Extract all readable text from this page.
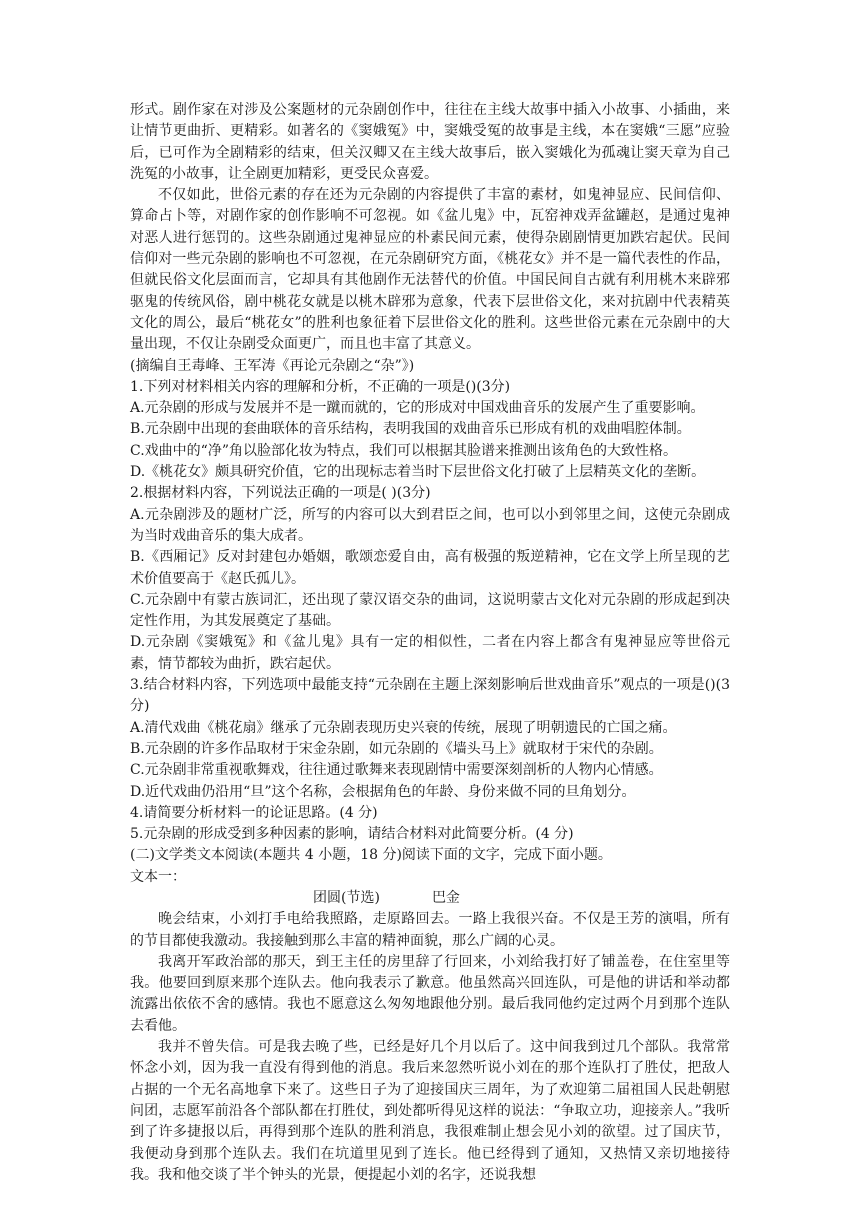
形式。剧作家在对涉及公案题材的元杂剧创作中，往往在主线大故事中插入小故事、小插曲，来让情节更曲折、更精彩。如著名的《窦娥冤》中，窦娥受冤的故事是主线，本在窦娥“三愿”应验后，已可作为全剧精彩的结束，但关汉卿又在主线大故事后，嵌入窦娥化为孤魂让窦天章为自己洗冤的小故事，让全剧更加精彩，更受民众喜爱。

不仅如此，世俗元素的存在还为元杂剧的内容提供了丰富的素材，如鬼神显应、民间信仰、算命占卜等，对剧作家的创作影响不可忽视。如《盆儿鬼》中，瓦窑神戏弄盆罐赵，是通过鬼神对恶人进行惩罚的。这些杂剧通过鬼神显应的朴素民间元素，使得杂剧剧情更加跌宕起伏。民间信仰对一些元杂剧的影响也不可忽视，在元杂剧研究方面，《桃花女》并不是一篇代表性的作品，但就民俗文化层面而言，它却具有其他剧作无法替代的价值。中国民间自古就有利用桃木来辟邪驱鬼的传统风俗，剧中桃花女就是以桃木辟邪为意象，代表下层世俗文化，来对抗剧中代表精英文化的周公，最后“桃花女”的胜利也象征着下层世俗文化的胜利。这些世俗元素在元杂剧中的大量出现，不仅让杂剧受众面更广，而且也丰富了其意义。

(摘编自王毒峰、王军涛《再论元杂剧之“杂”》)

1.下列对材料相关内容的理解和分析，不正确的一项是()(3分)

A.元杂剧的形成与发展并不是一蹴而就的，它的形成对中国戏曲音乐的发展产生了重要影响。

B.元杂剧中出现的套曲联体的音乐结构，表明我国的戏曲音乐已形成有机的戏曲唱腔体制。

C.戏曲中的“净”角以脸部化妆为特点，我们可以根据其脸谱来推测出该角色的大致性格。

D.《桃花女》颇具研究价值，它的出现标志着当时下层世俗文化打破了上层精英文化的垄断。

2.根据材料内容，下列说法正确的一项是( )(3分)

A.元杂剧涉及的题材广泛，所写的内容可以大到君臣之间，也可以小到邻里之间，这使元杂剧成为当时戏曲音乐的集大成者。

B.《西厢记》反对封建包办婚姻，歌颂恋爱自由，高有极强的叛逆精神，它在文学上所呈现的艺术价值要高于《赵氏孤儿》。

C.元杂剧中有蒙古族词汇，还出现了蒙汉语交杂的曲词，这说明蒙古文化对元杂剧的形成起到决定性作用，为其发展奠定了基础。

D.元杂剧《窦娥冤》和《盆儿鬼》具有一定的相似性，二者在内容上都含有鬼神显应等世俗元素，情节都较为曲折，跌宕起伏。

3.结合材料内容，下列选项中最能支持“元杂剧在主题上深刻影响后世戏曲音乐”观点的一项是()(3分)

A.清代戏曲《桃花扇》继承了元杂剧表现历史兴衰的传统，展现了明朝遗民的亡国之痛。

B.元杂剧的许多作品取材于宋金杂剧，如元杂剧的《墙头马上》就取材于宋代的杂剧。

C.元杂剧非常重视歌舞戏，往往通过歌舞来表现剧情中需要深刻剖析的人物内心情感。

D.近代戏曲仍沿用“旦”这个名称，会根据角色的年龄、身份来做不同的旦角划分。

4.请简要分析材料一的论证思路。(4 分)

5.元杂剧的形成受到多种因素的影响，请结合材料对此简要分析。(4 分)

(二)文学类文本阅读(本题共 4 小题，18 分)阅读下面的文字，完成下面小题。

文本一：

团圆(节选)	巴金

晚会结束，小刘打手电给我照路，走原路回去。一路上我很兴奋。不仅是王芳的演唱，所有的节目都使我激动。我接触到那么丰富的精神面貌，那么广阔的心灵。

我离开军政治部的那天，到王主任的房里辞了行回来，小刘给我打好了铺盖卷，在住室里等我。他要回到原来那个连队去。他向我表示了歉意。他虽然高兴回连队，可是他的讲话和举动都流露出依依不舍的感情。我也不愿意这么匆匆地跟他分别。最后我同他约定过两个月到那个连队去看他。

我并不曾失信。可是我去晚了些，已经是好几个月以后了。这中间我到过几个部队。我常常怀念小刘，因为我一直没有得到他的消息。我后来忽然听说小刘在的那个连队打了胜仗，把敌人占据的一个无名高地拿下来了。这些日子为了迎接国庆三周年，为了欢迎第二届祖国人民赴朝慰问团，志愿军前沿各个部队都在打胜仗，到处都听得见这样的说法：“争取立功，迎接亲人。”我听到了许多捷报以后，再得到那个连队的胜利消息，我很难制止想会见小刘的欲望。过了国庆节，我便动身到那个连队去。我们在坑道里见到了连长。他已经得到了通知，又热情又亲切地接待我。我和他交谈了半个钟头的光景，便提起小刘的名字，还说我想
